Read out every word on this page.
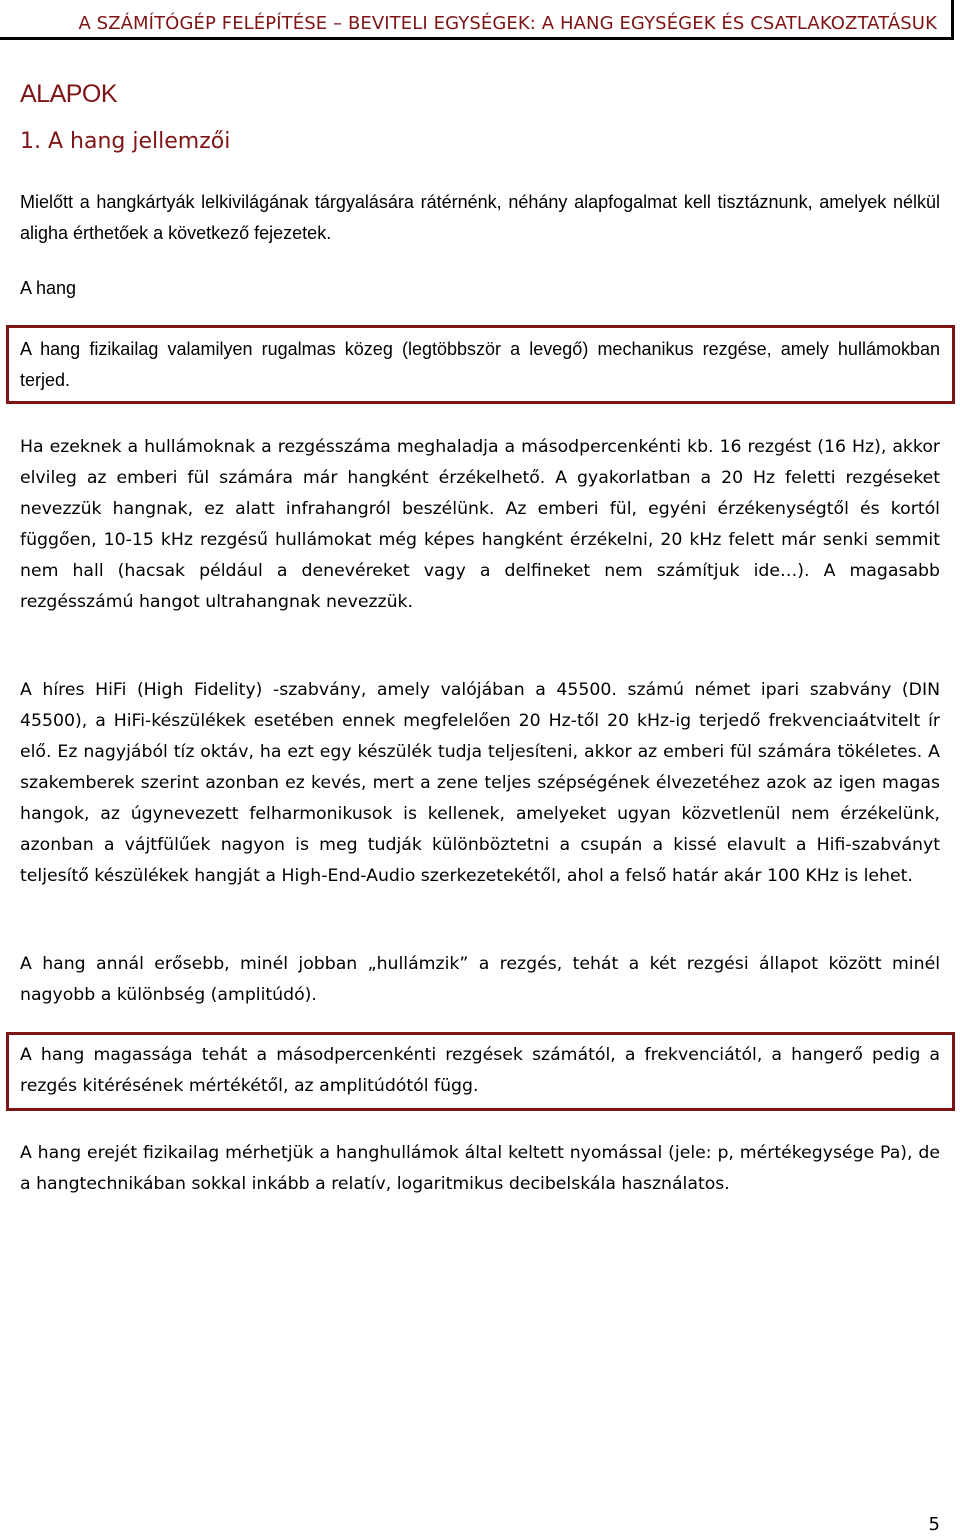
A SZÁMÍTÓGÉP FELÉPÍTÉSE – BEVITELI EGYSÉGEK: A HANG EGYSÉGEK ÉS CSATLAKOZTATÁSUK
ALAPOK
1. A hang jellemzői

Mielőtt a hangkártyák lelkivilágának tárgyalására rátérnénk, néhány alapfogalmat kell tisztáznunk, amelyek nélkül aligha érthetőek a következő fejezetek.

A hang

A hang fizikailag valamilyen rugalmas közeg (legtöbbször a levegő) mechanikus rezgése, amely hullámokban terjed.

Ha ezeknek a hullámoknak a rezgésszáma meghaladja a másodpercenkénti kb. 16 rezgést (16 Hz), akkor elvileg az emberi fül számára már hangként érzékelhető. A gyakorlatban a 20 Hz feletti rezgéseket nevezzük hangnak, ez alatt infrahangról beszélünk. Az emberi fül, egyéni érzékenységtől és kortól függően, 10-15 kHz rezgésű hullámokat még képes hangként érzékelni, 20 kHz felett már senki semmit nem hall (hacsak például a denevéreket vagy a delfineket nem számítjuk ide…). A magasabb rezgésszámú hangot ultrahangnak nevezzük.

A híres HiFi (High Fidelity) -szabvány, amely valójában a 45500. számú német ipari szabvány (DIN 45500), a HiFi-készülékek esetében ennek megfelelően 20 Hz-től 20 kHz-ig terjedő frekvenciaátvitelt ír elő. Ez nagyjából tíz oktáv, ha ezt egy készülék tudja teljesíteni, akkor az emberi fül számára tökéletes. A szakemberek szerint azonban ez kevés, mert a zene teljes szépségének élvezetéhez azok az igen magas hangok, az úgynevezett felharmonikusok is kellenek, amelyeket ugyan közvetlenül nem érzékelünk, azonban a vájtfülűek nagyon is meg tudják különböztetni a csupán a kissé elavult a Hifi-szabványt teljesítő készülékek hangját a High-End-Audio szerkezetekétől, ahol a felső határ akár 100 KHz is lehet.

A hang annál erősebb, minél jobban „hullámzik” a rezgés, tehát a két rezgési állapot között minél nagyobb a különbség (amplitúdó).

A hang magassága tehát a másodpercenkénti rezgések számától, a frekvenciától, a hangerő pedig a rezgés kitérésének mértékétől, az amplitúdótól függ.

A hang erejét fizikailag mérhetjük a hanghullámok által keltett nyomással (jele: p, mértékegysége Pa), de a hangtechnikában sokkal inkább a relatív, logaritmikus decibelskála használatos.

5
